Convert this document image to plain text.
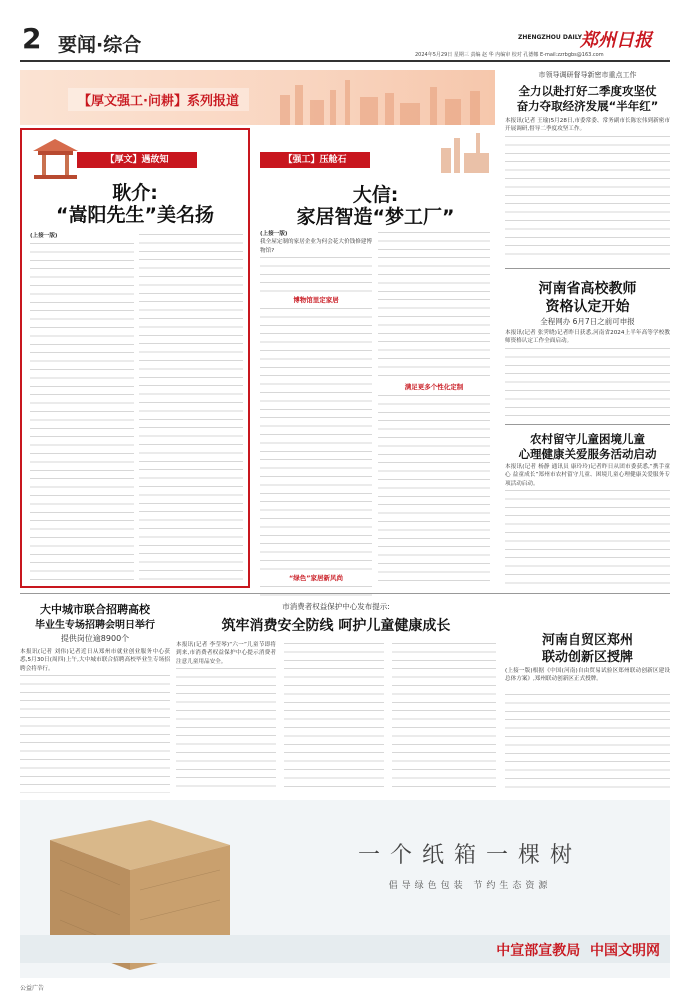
2 要闻·综合	ZHENGZHOU DAILY
郑州日报
2024年5月29日 星期三 责编 赵 华 内编审 校对 孔德娜 E-mail:zzrbgbs@163.com
【厚文强工·问耕】系列报道
【厚文】遇故知
耿介:
“嵩阳先生”美名扬
(上接一版)
【强工】压舱石
大信:
家居智造“梦工厂”
(上接一版)
我全屋定制的家居企业为何会花大价钱修建博物馆?
博物馆里定家居
“绿色”家居新风尚
满足更多个性化定制
市领导调研督导新密市重点工作
全力以赴打好二季度攻坚仗
奋力夺取经济发展“半年红”
本报讯(记者 王瑜)5月28日,市委常委、常务副市长陈宏伟到新密市开展调研,督导二季度攻坚工作。
河南省高校教师
资格认定开始
全程网办 6月7日之前可申报
本报讯(记者 张霁晓)记者昨日获悉,河南省2024上半年高等学校教师资格认定工作全面启动。
农村留守儿童困境儿童
心理健康关爱服务活动启动
本报讯(记者 杨静 通讯员 康玲玲)记者昨日从团市委获悉,“携手童心 益童成长”郑州市农村留守儿童、困境儿童心理健康关爱服务专项活动启动。
大中城市联合招聘高校
毕业生专场招聘会明日举行
提供岗位逾8900个
本报讯(记者 刘伟)记者近日从郑州市就业创业服务中心获悉,5月30日(周四)上午,大中城市联合招聘高校毕业生专场招聘会将举行。
市消费者权益保护中心发布提示:
筑牢消费安全防线 呵护儿童健康成长
本报讯(记者 李莹琴)“六一”儿童节即将到来,市消费者权益保护中心提示消费者注意儿童用品安全。
河南自贸区郑州
联动创新区授牌
(上接一版)根据《中国(河南)自由贸易试验区郑州联动创新区建设总体方案》,郑州联动创新区正式授牌。
一个纸箱一棵树
倡导绿色包装 节约生态资源
中宣部宣教局  中国文明网
公益广告
